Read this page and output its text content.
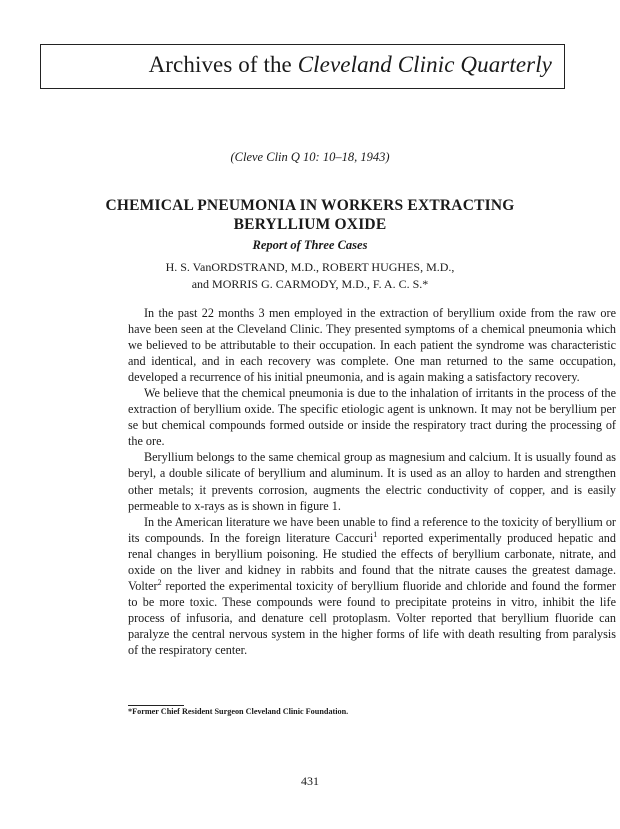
Archives of the Cleveland Clinic Quarterly
(Cleve Clin Q 10: 10–18, 1943)
CHEMICAL PNEUMONIA IN WORKERS EXTRACTING
BERYLLIUM OXIDE
Report of Three Cases
H. S. VanORDSTRAND, M.D., ROBERT HUGHES, M.D.,
and MORRIS G. CARMODY, M.D., F. A. C. S.*

In the past 22 months 3 men employed in the extraction of beryllium oxide from the raw ore have been seen at the Cleveland Clinic. They presented symptoms of a chemical pneumonia which we believed to be attributable to their occupation. In each patient the syndrome was characteristic and identical, and in each recovery was complete. One man returned to the same occupation, developed a recurrence of his initial pneumonia, and is again making a satisfactory recovery.

We believe that the chemical pneumonia is due to the inhalation of irritants in the process of the extraction of beryllium oxide. The specific etiologic agent is unknown. It may not be beryllium per se but chemical compounds formed outside or inside the respiratory tract during the processing of the ore.

Beryllium belongs to the same chemical group as magnesium and calcium. It is usually found as beryl, a double silicate of beryllium and aluminum. It is used as an alloy to harden and strengthen other metals; it prevents corrosion, augments the electric conductivity of copper, and is easily permeable to x-rays as is shown in figure 1.

In the American literature we have been unable to find a reference to the toxicity of beryllium or its compounds. In the foreign literature Caccuri$^1$ reported experimentally produced hepatic and renal changes in beryllium poisoning. He studied the effects of beryllium carbonate, nitrate, and oxide on the liver and kidney in rabbits and found that the nitrate causes the greatest damage. Volter$^2$ reported the experimental toxicity of beryllium fluoride and chloride and found the former to be more toxic. These compounds were found to precipitate proteins in vitro, inhibit the life process of infusoria, and denature cell protoplasm. Volter reported that beryllium fluoride can paralyze the central nervous system in the higher forms of life with death resulting from paralysis of the respiratory center.

*Former Chief Resident Surgeon Cleveland Clinic Foundation.
431
